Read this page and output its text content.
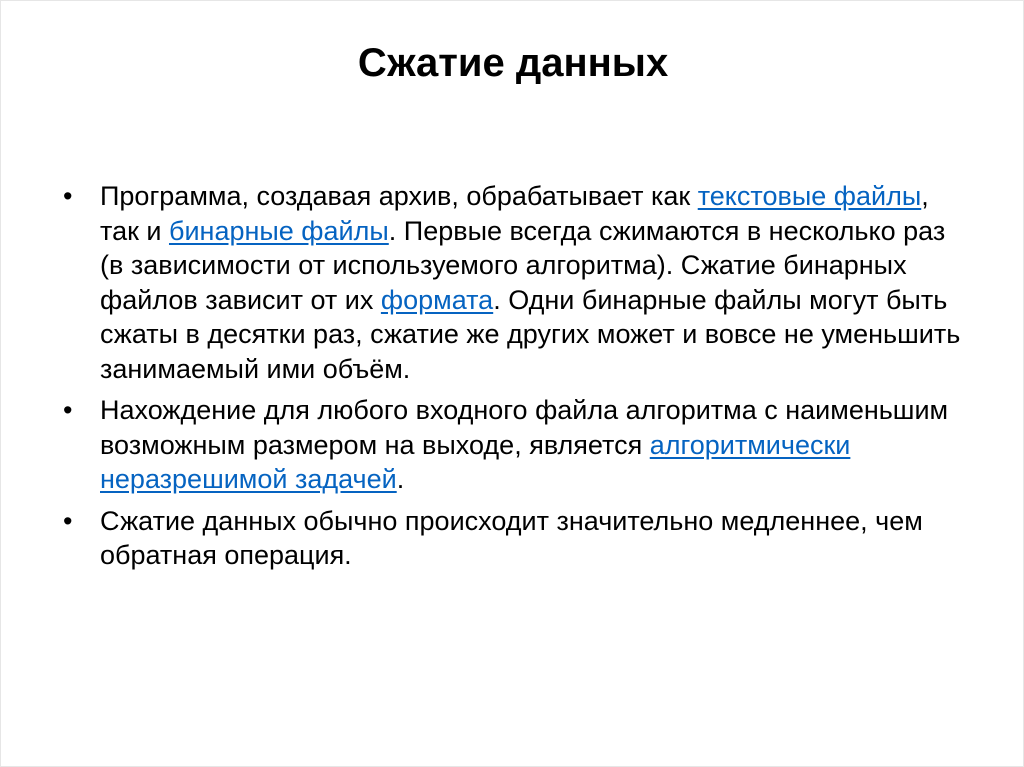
Сжатие данных
•	Программа, создавая архив, обрабатывает как текстовые файлы, так и бинарные файлы. Первые всегда сжимаются в несколько раз (в зависимости от используемого алгоритма). Сжатие бинарных файлов зависит от их формата. Одни бинарные файлы могут быть сжаты в десятки раз, сжатие же других может и вовсе не уменьшить занимаемый ими объём.
•	Нахождение для любого входного файла алгоритма с наименьшим возможным размером на выходе, является алгоритмически неразрешимой задачей.
•	Сжатие данных обычно происходит значительно медленнее, чем обратная операция.
